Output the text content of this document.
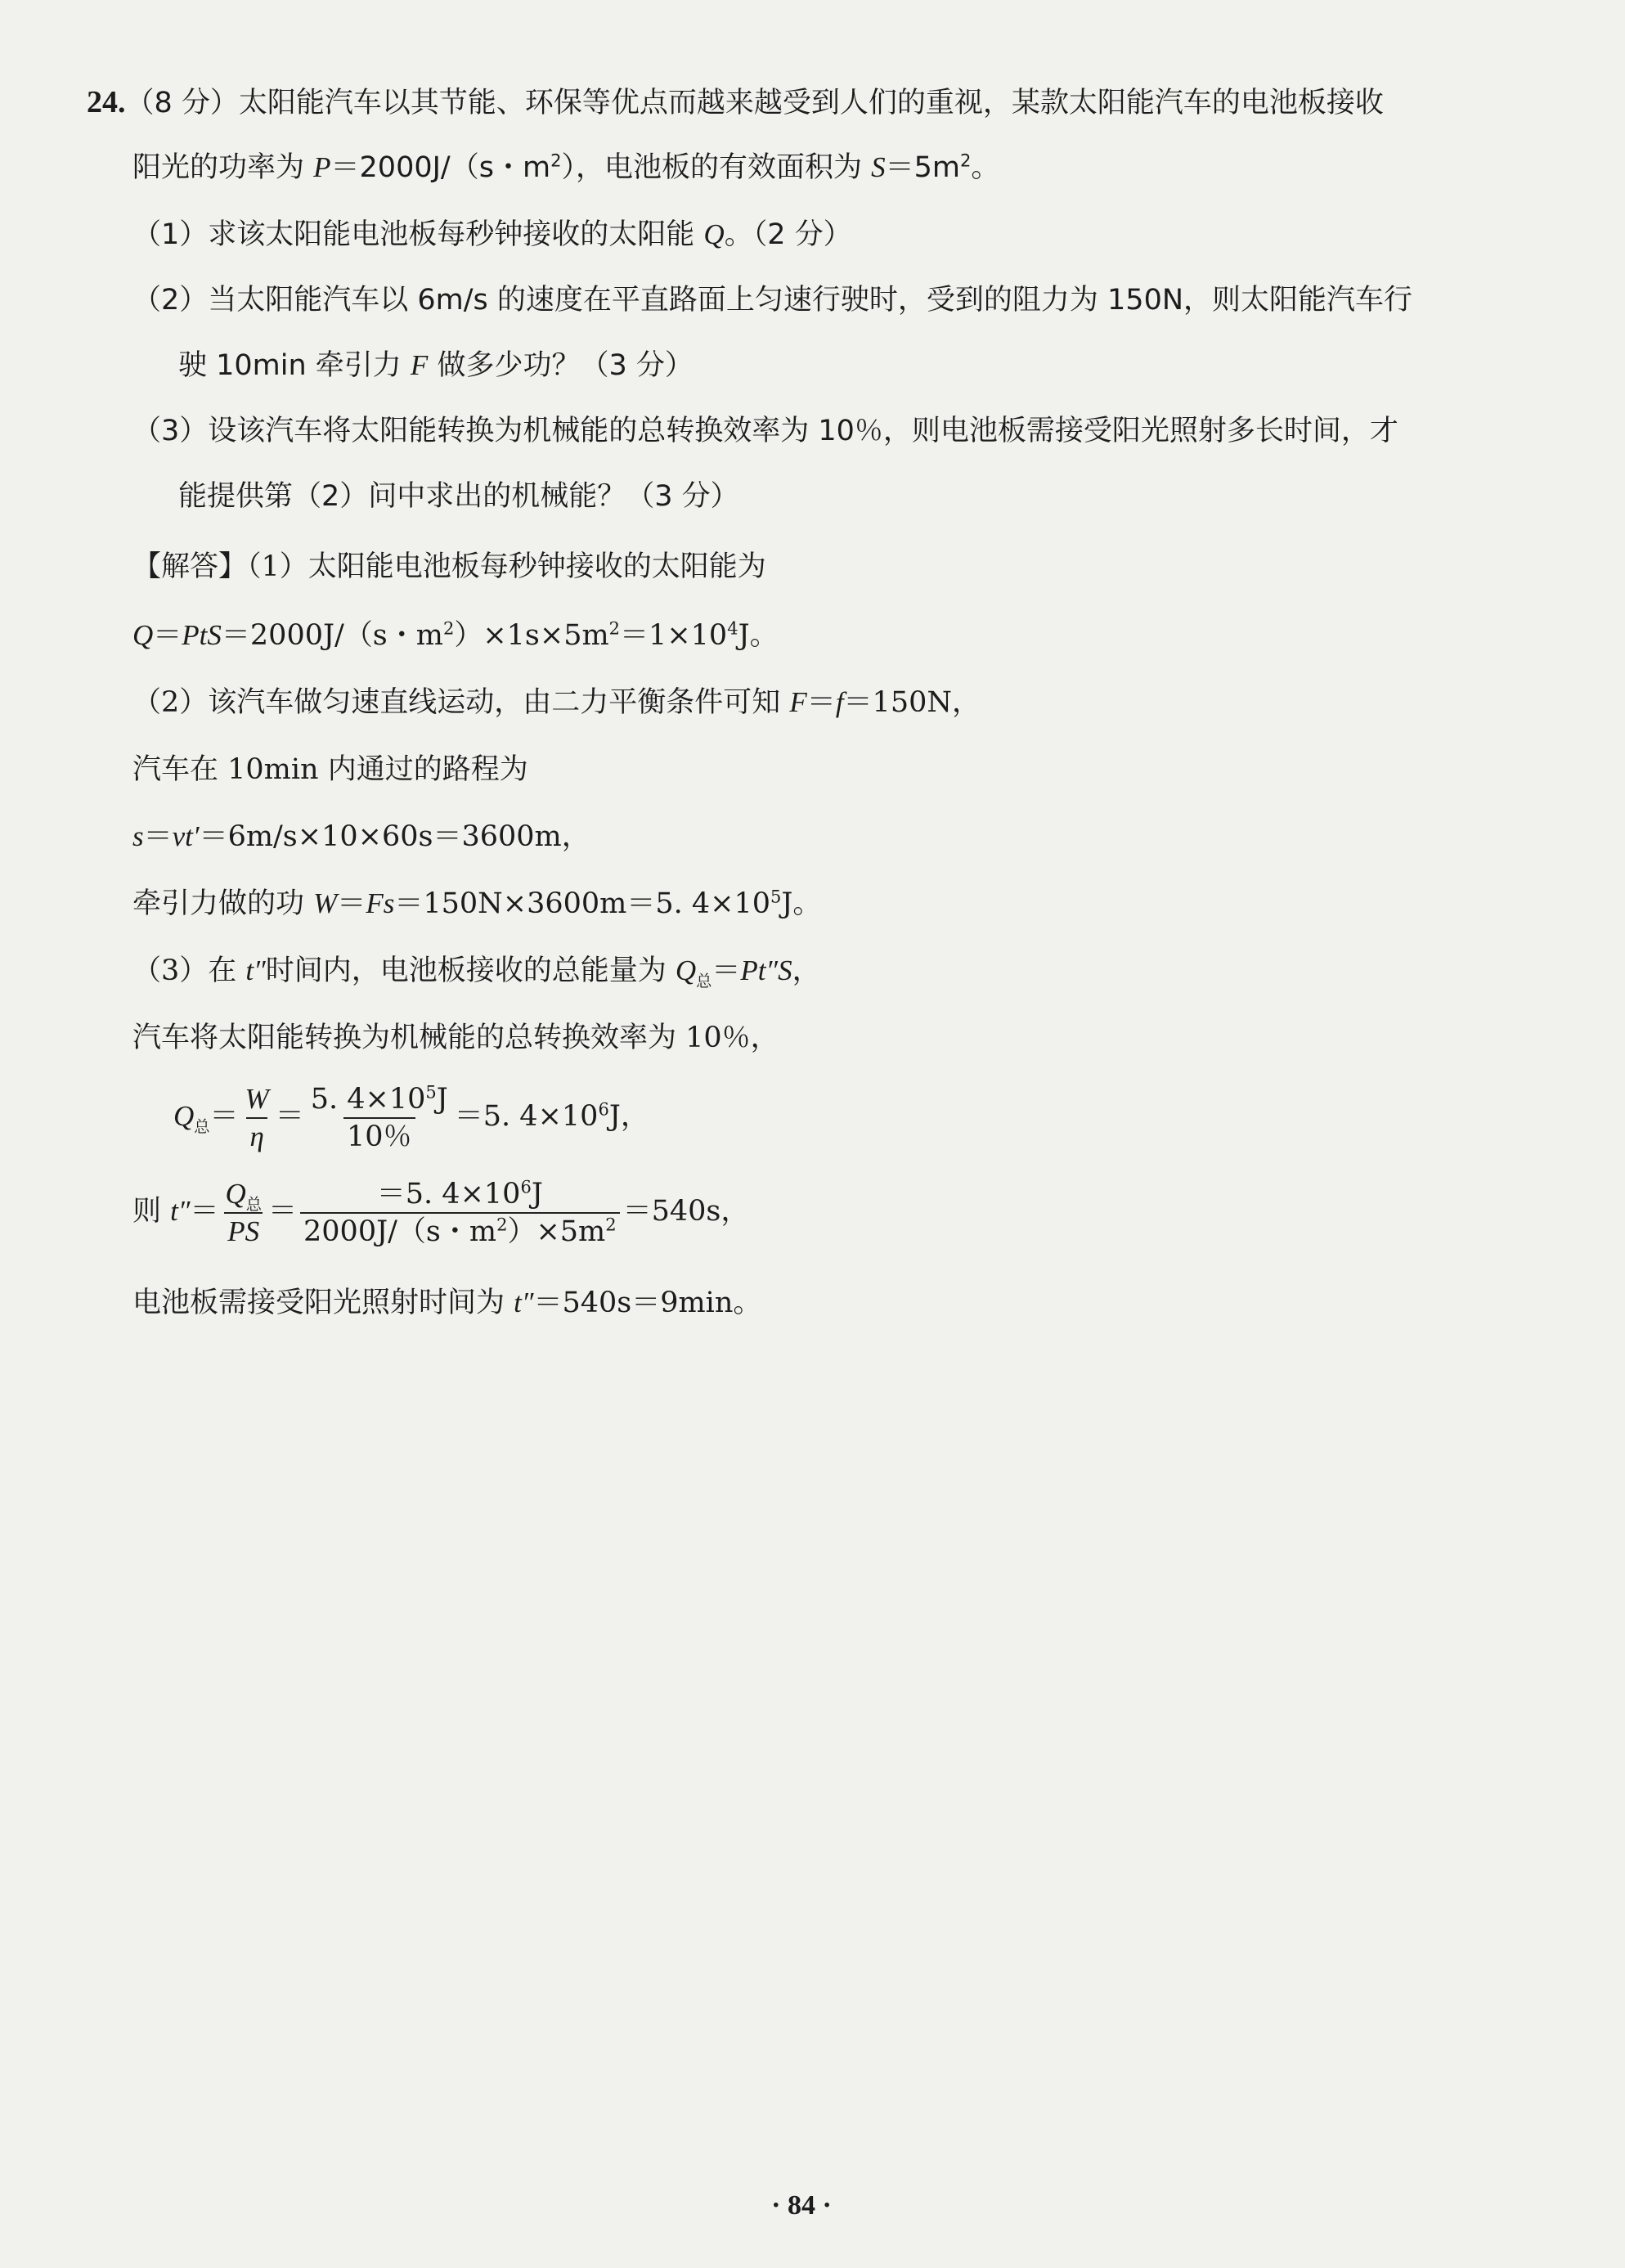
24.（8 分）太阳能汽车以其节能、环保等优点而越来越受到人们的重视，某款太阳能汽车的电池板接收
阳光的功率为 P＝2000J/（s・$m^2$），电池板的有效面积为 $S=5m^2$。
（1）求该太阳能电池板每秒钟接收的太阳能 Q。（2 分）
（2）当太阳能汽车以 6m/s 的速度在平直路面上匀速行驶时，受到的阻力为 150N，则太阳能汽车行
驶 10min 牵引力 F 做多少功？（3 分）
（3）设该汽车将太阳能转换为机械能的总转换效率为 10％，则电池板需接受阳光照射多长时间，才
能提供第（2）问中求出的机械能？（3 分）
【解答】（1）太阳能电池板每秒钟接收的太阳能为
Q＝PtS＝2000J/（s・$m^2)\times 1s\times 5m^2=1\times 10^4J$。
（2）该汽车做匀速直线运动，由二力平衡条件可知 F＝f＝150N，
汽车在 10min 内通过的路程为
s＝vt′＝6m/s×10×60s＝3600m，
牵引力做的功 W＝Fs＝150N×3600m＝5. $4\times 10^5J$。
（3）在 t″时间内，电池板接收的总能量为 $Q_总=Pt''S$，
汽车将太阳能转换为机械能的总转换效率为 10％，
$Q_总= \frac{W}{\eta} = \frac{5. 4\times 10^5J}{10\%} =5$. $4\times 10^6J$，
则 $t''= \frac{Q_总}{PS} = \frac{=5. 4\times 10^6J}{2000J/(s・m^2)\times 5m^2} =540s$，
电池板需接受阳光照射时间为 t″＝540s＝9min。
· 84 ·
